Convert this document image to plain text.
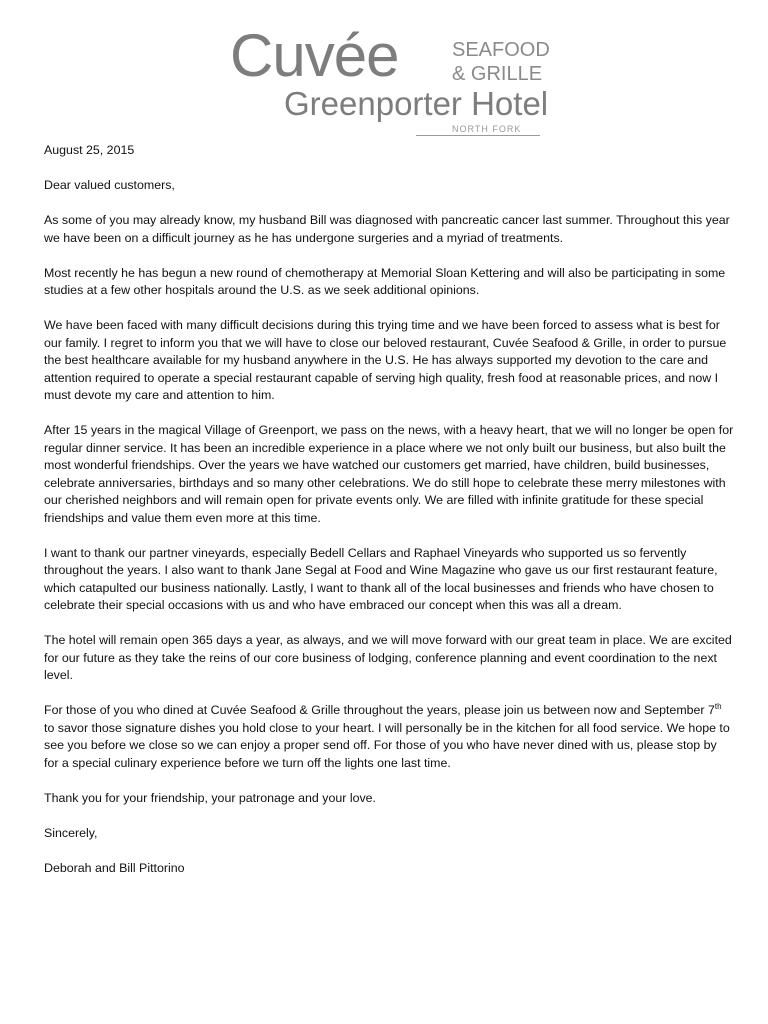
Cuvée	SEAFOOD
& GRILLE
Greenporter Hotel
NORTH FORK

August 25, 2015

Dear valued customers,

As some of you may already know, my husband Bill was diagnosed with pancreatic cancer last summer. Throughout this year we have been on a difficult journey as he has undergone surgeries and a myriad of treatments.

Most recently he has begun a new round of chemotherapy at Memorial Sloan Kettering and will also be participating in some studies at a few other hospitals around the U.S. as we seek additional opinions.

We have been faced with many difficult decisions during this trying time and we have been forced to assess what is best for our family. I regret to inform you that we will have to close our beloved restaurant, Cuvée Seafood & Grille, in order to pursue the best healthcare available for my husband anywhere in the U.S. He has always supported my devotion to the care and attention required to operate a special restaurant capable of serving high quality, fresh food at reasonable prices, and now I must devote my care and attention to him.

After 15 years in the magical Village of Greenport, we pass on the news, with a heavy heart, that we will no longer be open for regular dinner service. It has been an incredible experience in a place where we not only built our business, but also built the most wonderful friendships. Over the years we have watched our customers get married, have children, build businesses, celebrate anniversaries, birthdays and so many other celebrations. We do still hope to celebrate these merry milestones with our cherished neighbors and will remain open for private events only. We are filled with infinite gratitude for these special friendships and value them even more at this time.

I want to thank our partner vineyards, especially Bedell Cellars and Raphael Vineyards who supported us so fervently throughout the years. I also want to thank Jane Segal at Food and Wine Magazine who gave us our first restaurant feature, which catapulted our business nationally. Lastly, I want to thank all of the local businesses and friends who have chosen to celebrate their special occasions with us and who have embraced our concept when this was all a dream.

The hotel will remain open 365 days a year, as always, and we will move forward with our great team in place. We are excited for our future as they take the reins of our core business of lodging, conference planning and event coordination to the next level.

For those of you who dined at Cuvée Seafood & Grille throughout the years, please join us between now and September 7th to savor those signature dishes you hold close to your heart. I will personally be in the kitchen for all food service. We hope to see you before we close so we can enjoy a proper send off. For those of you who have never dined with us, please stop by for a special culinary experience before we turn off the lights one last time.

Thank you for your friendship, your patronage and your love.

Sincerely,

Deborah and Bill Pittorino
